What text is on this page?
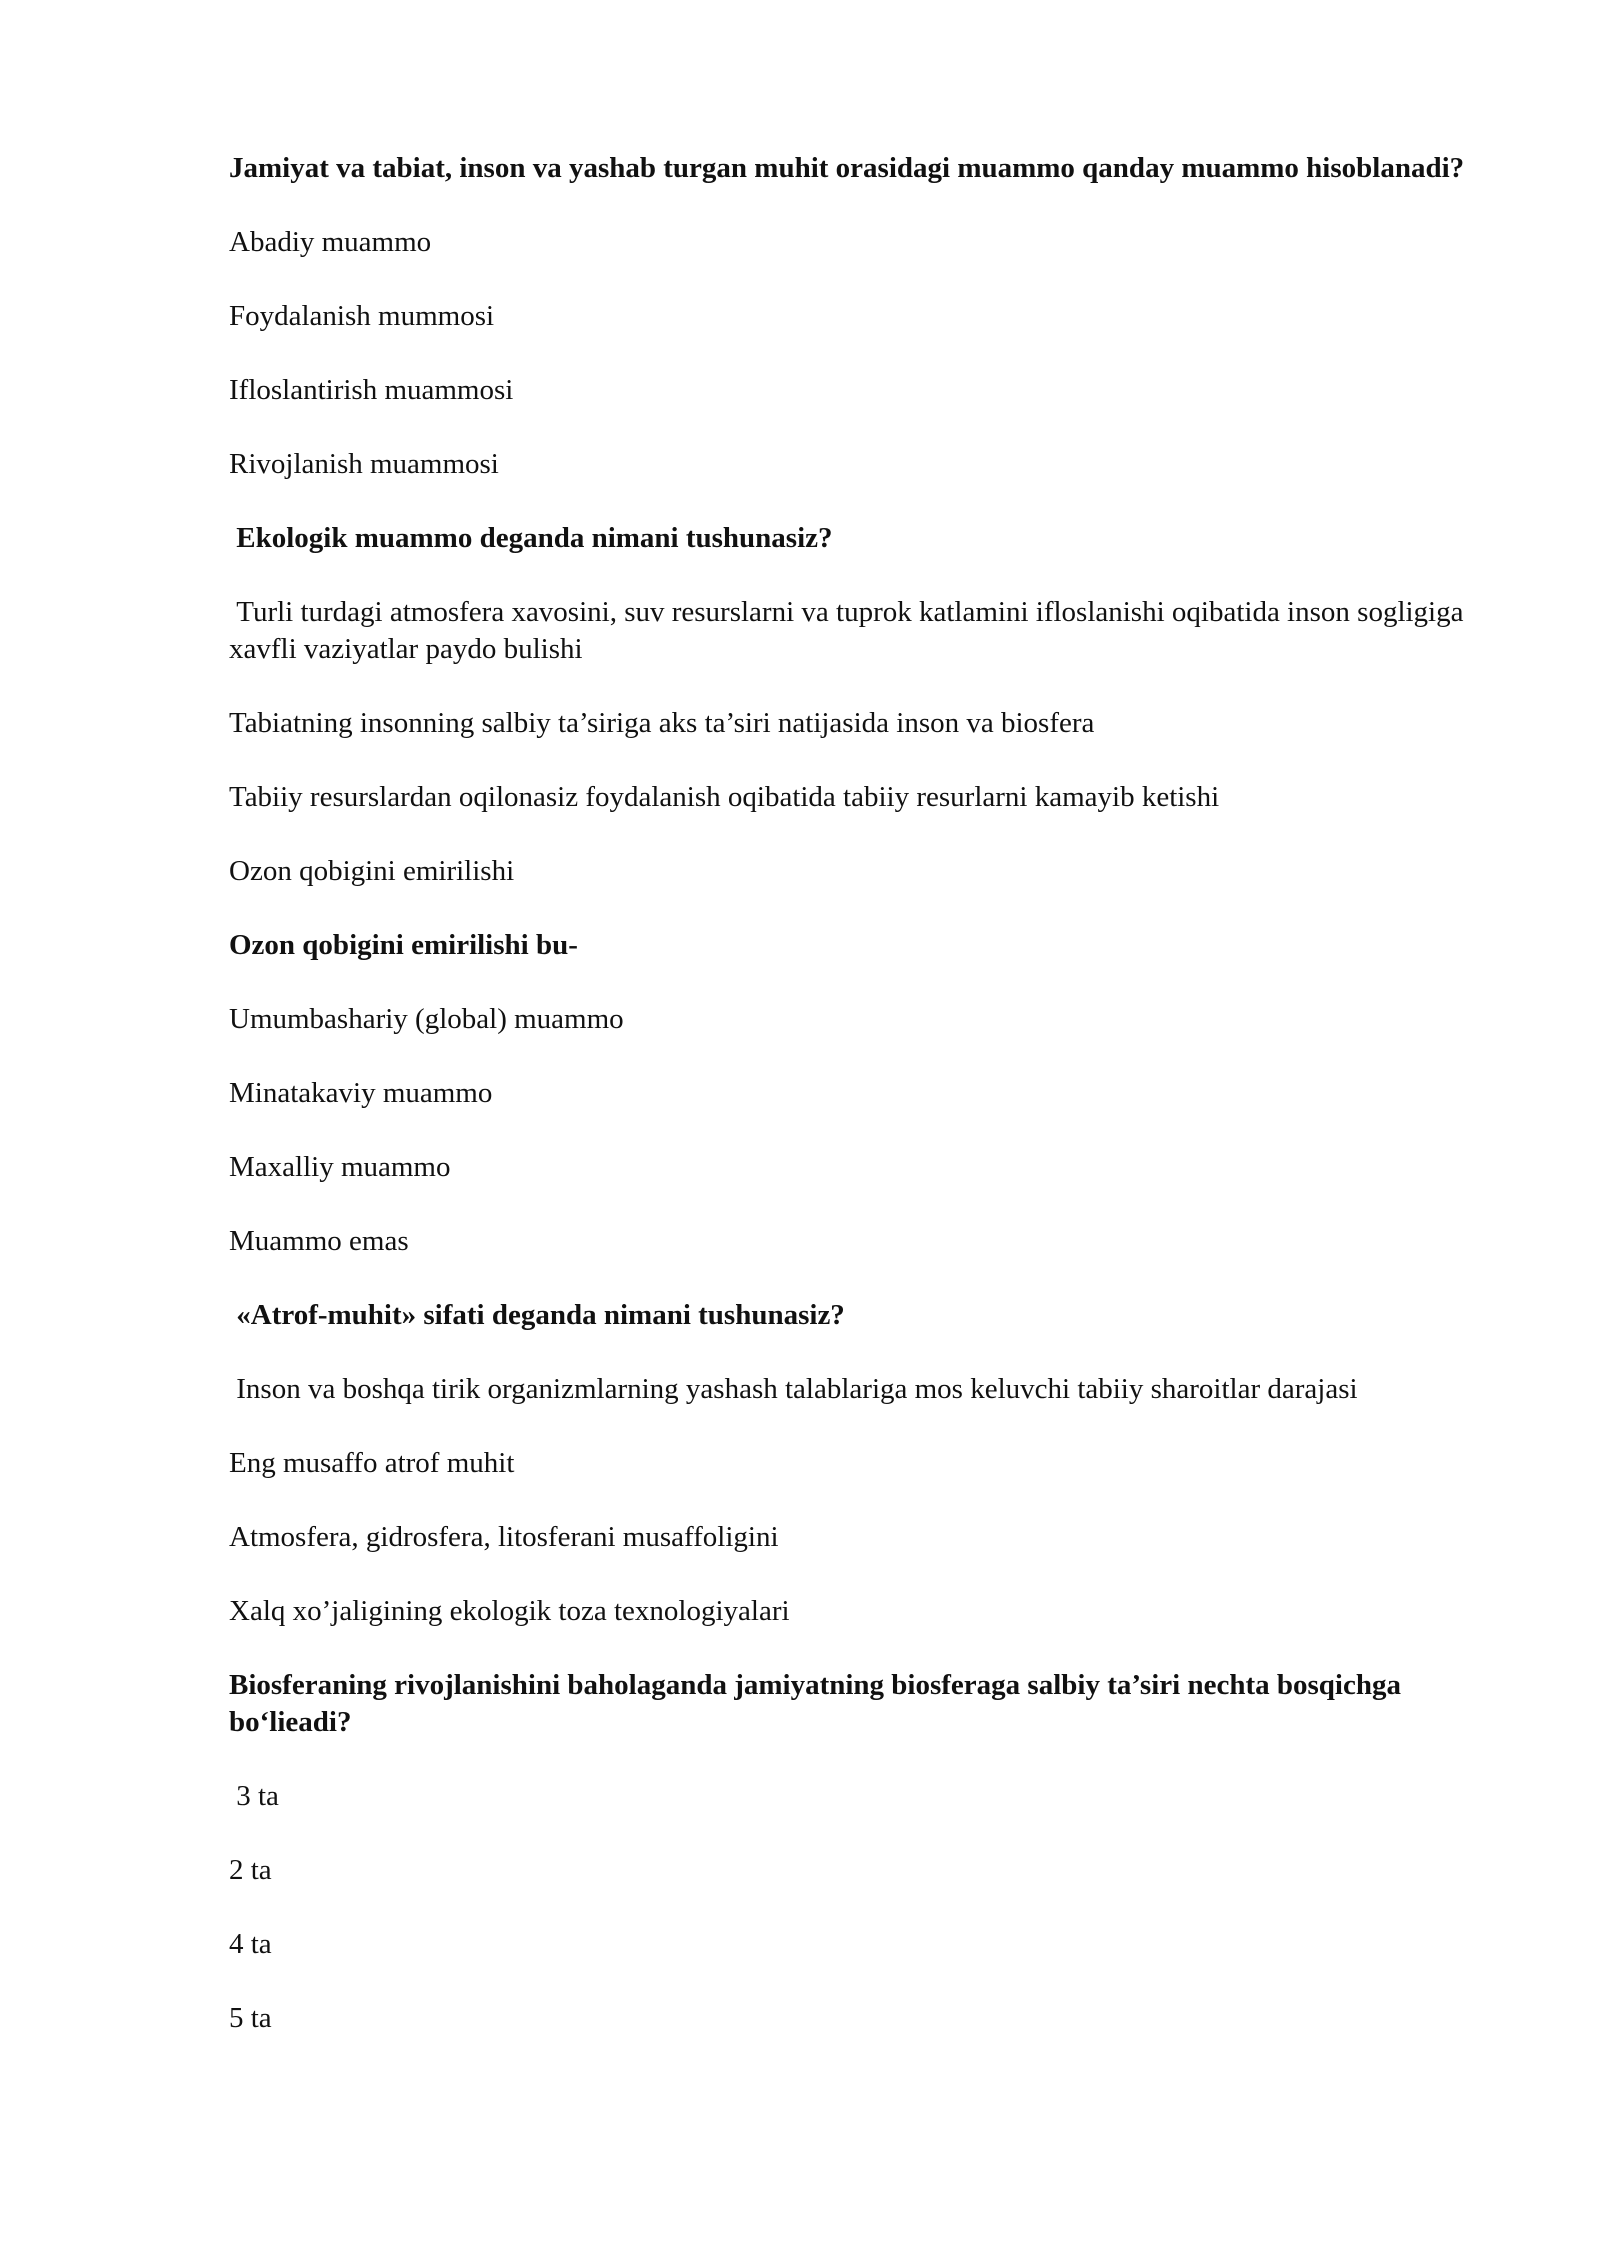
Jamiyat va tabiat, inson va yashab turgan muhit orasidagi muammo qanday muammo hisoblanadi?
Abadiy muammo
Foydalanish mummosi
Ifloslantirish muammosi
Rivojlanish muammosi
Ekologik muammo deganda nimani tushunasiz?
Turli turdagi atmosfera xavosini, suv resurslarni va tuprok katlamini ifloslanishi oqibatida inson sogligiga xavfli vaziyatlar paydo bulishi
Tabiatning insonning salbiy ta’siriga aks ta’siri natijasida inson va biosfera
Tabiiy resurslardan oqilonasiz foydalanish oqibatida tabiiy resurlarni kamayib ketishi
Ozon qobigini emirilishi
Ozon qobigini emirilishi bu-
Umumbashariy (global) muammo
Minatakaviy muammo
Maxalliy muammo
Muammo emas
«Atrof-muhit» sifati deganda nimani tushunasiz?
Inson va boshqa tirik organizmlarning yashash talablariga mos keluvchi tabiiy sharoitlar darajasi
Eng musaffo atrof muhit
Atmosfera, gidrosfera, litosferani musaffoligini
Xalq xo’jaligining ekologik toza texnologiyalari
Biosferaning rivojlanishini baholaganda jamiyatning biosferaga salbiy ta’siri nechta bosqichga bo‘lieadi?
3 ta
2 ta
4 ta
5 ta
